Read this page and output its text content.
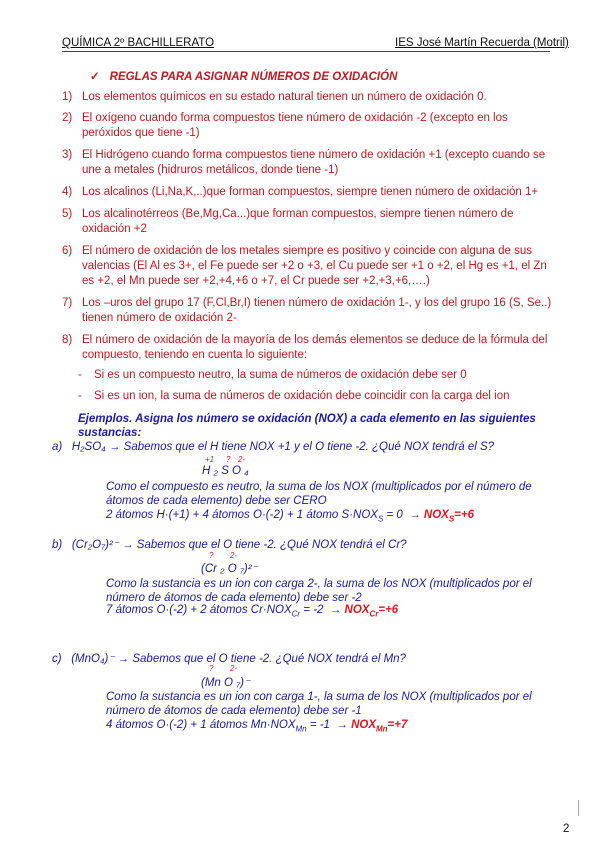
QUÍMICA 2º BACHILLERATO	IES José Martín Recuerda (Motril)
✓ REGLAS PARA ASIGNAR NÚMEROS DE OXIDACIÓN
1) Los elementos químicos en su estado natural tienen un número de oxidación 0.
2) El oxígeno cuando forma compuestos tiene número de oxidación -2 (excepto en los peróxidos que tiene -1)
3) El Hidrógeno cuando forma compuestos tiene número de oxidación +1 (excepto cuando se une a metales (hidruros metálicos, donde tiene -1)
4) Los alcalinos (Li,Na,K,..)que forman compuestos, siempre tienen número de oxidación 1+
5) Los alcalinotérreos (Be,Mg,Ca...)que forman compuestos, siempre tienen número de oxidación +2
6) El número de oxidación de los metales siempre es positivo y coincide con alguna de sus valencias (El Al es 3+, el Fe puede ser +2 o +3, el Cu puede ser +1 o +2, el Hg es +1, el Zn es +2, el Mn puede ser +2,+4,+6 o +7, el Cr puede ser +2,+3,+6,….)
7) Los –uros del grupo 17 (F,Cl,Br,I) tienen número de oxidación 1-, y los del grupo 16 (S, Se..) tienen número de oxidación 2-
8) El número de oxidación de la mayoría de los demás elementos se deduce de la fórmula del compuesto, teniendo en cuenta lo siguiente:
-	Si es un compuesto neutro, la suma de números de oxidación debe ser 0
-	Si es un ion, la suma de números de oxidación debe coincidir con la carga del ion
Ejemplos. Asigna los número se oxidación (NOX) a cada elemento en las siguientes sustancias:
a) H₂SO₄ → Sabemos que el H tiene NOX +1 y el O tiene -2. ¿Qué NOX tendrá el S?
+1 ? 2-
H ₂ S O ₄
Como el compuesto es neutro, la suma de los NOX (multiplicados por el número de átomos de cada elemento) debe ser CERO
2 átomos H·(+1) + 4 átomos O·(-2) + 1 átomo $S\cdot NOX_S = 0 \to NOX_S=+6$
b) (Cr₂O₇)²⁻ → Sabemos que el O tiene -2. ¿Qué NOX tendrá el Cr?
? 2-
(Cr ₂ O ₇)²⁻
Como la sustancia es un ion con carga 2-, la suma de los NOX (multiplicados por el número de átomos de cada elemento) debe ser -2
7 átomos O·(-2) + 2 átomos $Cr\cdot NOX_{Cr} = -2 \to NOX_{Cr}=+6$
c) (MnO₄)⁻ → Sabemos que el O tiene -2. ¿Qué NOX tendrá el Mn?
? 2-
(Mn O ₇)⁻
Como la sustancia es un ion con carga 1-, la suma de los NOX (multiplicados por el número de átomos de cada elemento) debe ser -1
4 átomos O·(-2) + 1 átomos $Mn\cdot NOX_{Mn} = -1 \to NOX_{Mn}=+7$
2
